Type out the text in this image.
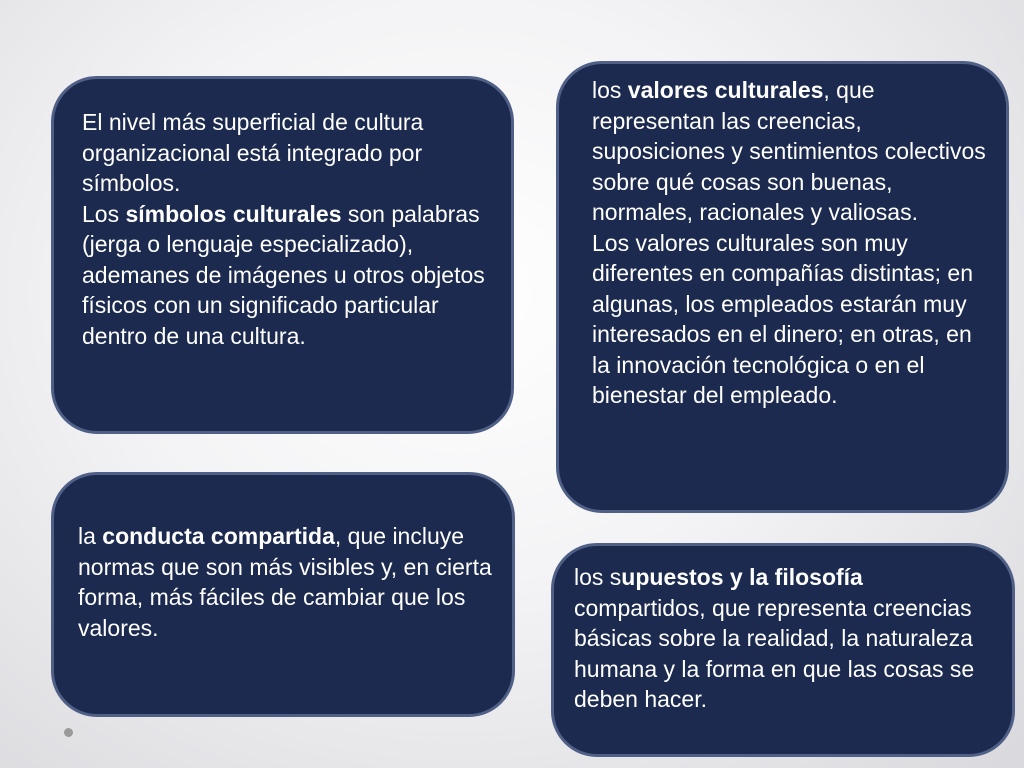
El nivel más superficial de cultura organizacional está integrado por símbolos.

Los símbolos culturales son palabras (jerga o lenguaje especializado), ademanes de imágenes u otros objetos físicos con un significado particular dentro de una cultura.

los valores culturales, que representan las creencias, suposiciones y sentimientos colectivos sobre qué cosas son buenas, normales, racionales y valiosas.

Los valores culturales son muy diferentes en compañías distintas; en algunas, los empleados estarán muy interesados en el dinero; en otras, en la innovación tecnológica o en el bienestar del empleado.

la conducta compartida, que incluye normas que son más visibles y, en cierta forma, más fáciles de cambiar que los valores.

los supuestos y la filosofía compartidos, que representa creencias básicas sobre la realidad, la naturaleza humana y la forma en que las cosas se deben hacer.
